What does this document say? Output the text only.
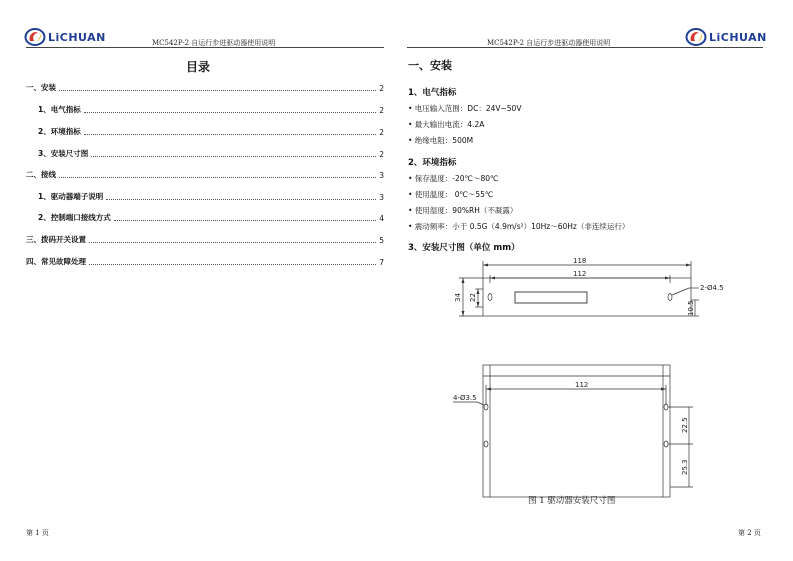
LiCHUAN	MC542P-2 自运行步进驱动器使用说明
目录
一、安装	2
1、电气指标	2
2、环境指标	2
3、安装尺寸图	2
二、接线	3
1、驱动器端子说明	3
2、控制端口接线方式	4
三、拨码开关设置	5
四、常见故障处理	7
第 1 页
MC542P-2 自运行步进驱动器使用说明	LiCHUAN
一、安装
1、电气指标
• 电压输入范围：DC：24V~50V
• 最大输出电流：4.2A
• 绝缘电阻：500M
2、环境指标
• 保存温度：-20℃～80℃
• 使用温度： 0℃～55℃
• 使用湿度：90%RH（不凝露）
• 震动频率：小于 0.5G（4.9m/s²）10Hz～60Hz（非连续运行）
3、安装尺寸图（单位 mm）
118
112
2-Ø4.5
112
4-Ø3.5
22
34
10.5
22.5
25.3
图 1 驱动器安装尺寸图
第 2 页
